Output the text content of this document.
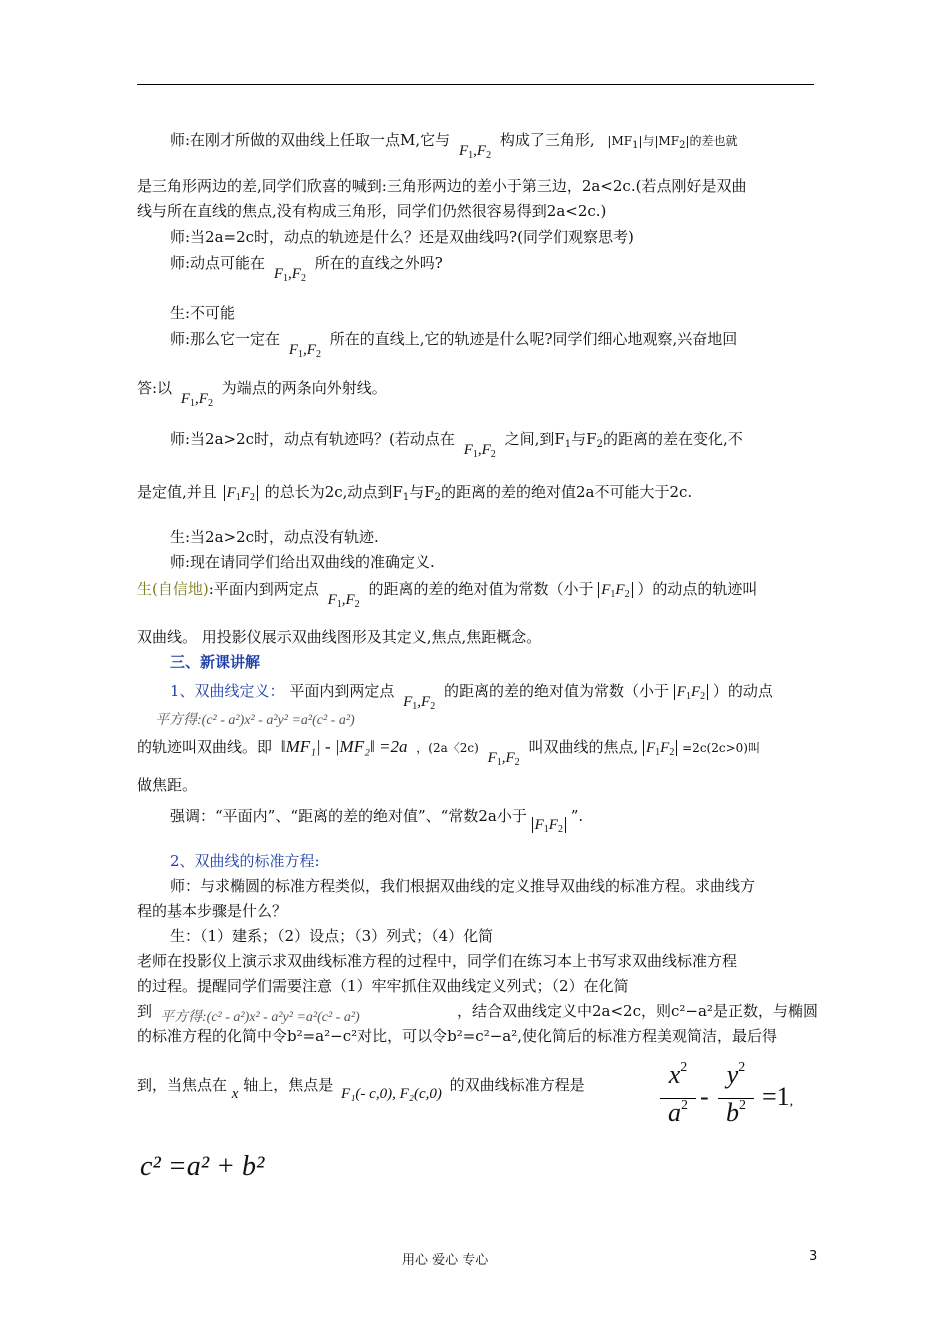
师:在刚才所做的双曲线上任取一点M,它与 $F_1,F_2$ 构成了三角形, $|MF_1|$与$|MF_2|$的差也就
是三角形两边的差,同学们欣喜的喊到:三角形两边的差小于第三边，2a<2c.(若点刚好是双曲
线与所在直线的焦点,没有构成三角形，同学们仍然很容易得到2a<2c.)
师:当2a=2c时，动点的轨迹是什么？还是双曲线吗?(同学们观察思考)
师:动点可能在 $F_1,F_2$ 所在的直线之外吗?
生:不可能
师:那么它一定在 $F_1,F_2$ 所在的直线上,它的轨迹是什么呢?同学们细心地观察,兴奋地回
答:以 $F_1,F_2$ 为端点的两条向外射线。
师:当2a>2c时，动点有轨迹吗？(若动点在 $F_1,F_2$ 之间,到$F_1$与$F_2$的距离的差在变化,不
是定值,并且 $F_1F_2$ 的总长为2c,动点到$F_1$与$F_2$的距离的差的绝对值2a不可能大于2c.
生:当2a>2c时，动点没有轨迹.
师:现在请同学们给出双曲线的准确定义.
生(自信地):平面内到两定点 $F_1,F_2$ 的距离的差的绝对值为常数（小于 $F_1F_2$ ）的动点的轨迹叫
双曲线。 用投影仪展示双曲线图形及其定义,焦点,焦距概念。
三、新课讲解
1、双曲线定义： 平面内到两定点 $F_1,F_2$ 的距离的差的绝对值为常数（小于 $F_1F_2$ ）的动点
平方得:(c² - a²)x² - a²y² =a²(c² - a²)
的轨迹叫双曲线。即 ‖MF₁| - |MF₂‖ =2a ，(2a〈2c) $F_1,F_2$ 叫双曲线的焦点, $F_1F_2 =2c(2c>0)$叫
做焦距。
强调：“平面内”、“距离的差的绝对值”、“常数2a小于 $F_1F_2$ ”.
2、双曲线的标准方程:
师：与求椭圆的标准方程类似，我们根据双曲线的定义推导双曲线的标准方程。求曲线方
程的基本步骤是什么？
生：（1）建系；（2）设点；（3）列式；（4）化简
老师在投影仪上演示求双曲线标准方程的过程中，同学们在练习本上书写求双曲线标准方程
的过程。提醒同学们需要注意（1）牢牢抓住双曲线定义列式；（2）在化简
到 平方得:(c² - a²)x² - a²y² =a²(c² - a²)	，结合双曲线定义中2a<2c，则c²−a²是正数，与椭圆
的标准方程的化简中令b²=a²−c²对比，可以令b²=c²−a²,使化简后的标准方程美观简洁，最后得
到，当焦点在 x 轴上，焦点是 F₁(- c,0), F₂(c,0) 的双曲线标准方程是	$x^2$
$a^2$ -
$y^2$
$b^2 =1$,
c² =a² + b²
用心 爱心 专心	3
